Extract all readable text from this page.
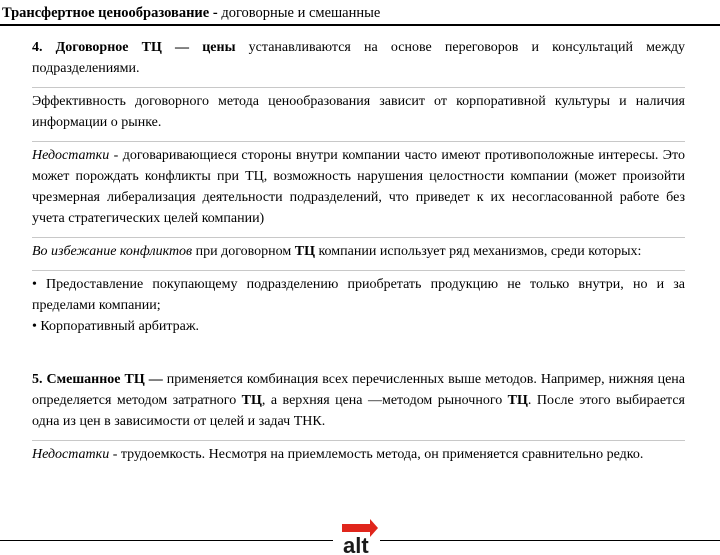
Трансфертное ценообразование - договорные и смешанные

4. Договорное ТЦ — цены устанавливаются на основе переговоров и консультаций между подразделениями.

Эффективность договорного метода ценообразования зависит от корпоративной культуры и наличия информации о рынке.

Недостатки - договаривающиеся стороны внутри компании часто имеют противоположные интересы. Это может порождать конфликты при ТЦ, возможность нарушения целостности компании (может произойти чрезмерная либерализация деятельности подразделений, что приведет к их несогласованной работе без учета стратегических целей компании)

Во избежание конфликтов при договорном ТЦ компании использует ряд механизмов, среди которых:

• Предоставление покупающему подразделению приобретать продукцию не только внутри, но и за пределами компании;
• Корпоративный арбитраж.

5. Смешанное ТЦ — применяется комбинация всех перечисленных выше методов. Например, нижняя цена определяется методом затратного ТЦ, а верхняя цена —методом рыночного ТЦ. После этого выбирается одна из цен в зависимости от целей и задач ТНК.

Недостатки - трудоемкость. Несмотря на приемлемость метода, он применяется сравнительно редко.

alt
